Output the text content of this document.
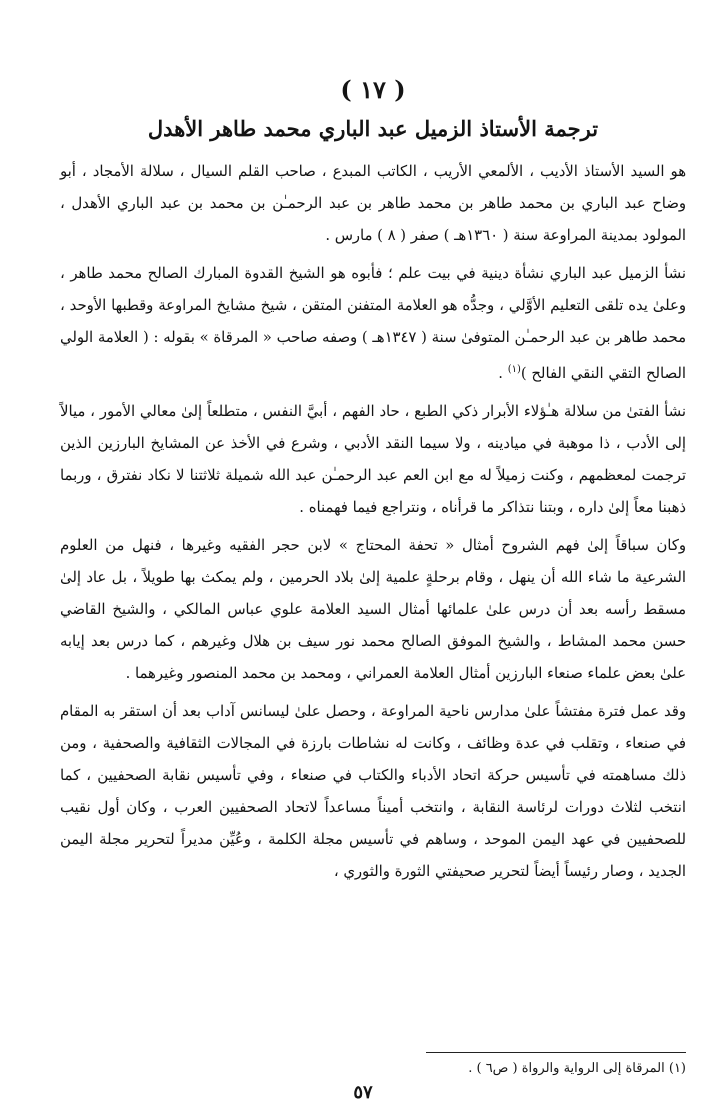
( ١٧ )
ترجمة الأستاذ الزميل عبد الباري محمد طاهر الأهدل

هو السيد الأستاذ الأديب ، الألمعي الأريب ، الكاتب المبدع ، صاحب القلم السيال ، سلالة الأمجاد ، أبو وضاح عبد الباري بن محمد طاهر بن محمد طاهر بن عبد الرحمـٰن بن محمد بن عبد الباري الأهدل ، المولود بمدينة المراوعة سنة ( ١٣٦٠هـ ) صفر ( ٨ ) مارس .

نشأ الزميل عبد الباري نشأة دينية في بيت علم ؛ فأبوه هو الشيخ القدوة المبارك الصالح محمد طاهر ، وعلىٰ يده تلقى التعليم الأوَّلي ، وجدُّه هو العلامة المتفنن المتقن ، شيخ مشايخ المراوعة وقطبها الأوحد ، محمد طاهر بن عبد الرحمـٰن المتوفىٰ سنة ( ١٣٤٧هـ ) وصفه صاحب « المرقاة » بقوله : ( العلامة الولي الصالح التقي النقي الفالح )$^{(١)}$ .

نشأ الفتىٰ من سلالة هـٰؤلاء الأبرار ذكي الطبع ، حاد الفهم ، أبيَّ النفس ، متطلعاً إلىٰ معالي الأمور ، ميالاً إلى الأدب ، ذا موهبة في ميادينه ، ولا سيما النقد الأدبي ، وشرع في الأخذ عن المشايخ البارزين الذين ترجمت لمعظمهم ، وكنت زميلاً له مع ابن العم عبد الرحمـٰن عبد الله شميلة ثلاثتنا لا نكاد نفترق ، وربما ذهبنا معاً إلىٰ داره ، وبتنا نتذاكر ما قرأناه ، ونتراجع فيما فهمناه .

وكان سباقاً إلىٰ فهم الشروح أمثال « تحفة المحتاج » لابن حجر الفقيه وغيرها ، فنهل من العلوم الشرعية ما شاء الله أن ينهل ، وقام برحلةٍ علمية إلىٰ بلاد الحرمين ، ولم يمكث بها طويلاً ، بل عاد إلىٰ مسقط رأسه بعد أن درس علىٰ علمائها أمثال السيد العلامة علوي عباس المالكي ، والشيخ القاضي حسن محمد المشاط ، والشيخ الموفق الصالح محمد نور سيف بن هلال وغيرهم ، كما درس بعد إيابه علىٰ بعض علماء صنعاء البارزين أمثال العلامة العمراني ، ومحمد بن محمد المنصور وغيرهما .

وقد عمل فترة مفتشاً علىٰ مدارس ناحية المراوعة ، وحصل علىٰ ليسانس آداب بعد أن استقر به المقام في صنعاء ، وتقلب في عدة وظائف ، وكانت له نشاطات بارزة في المجالات الثقافية والصحفية ، ومن ذلك مساهمته في تأسيس حركة اتحاد الأدباء والكتاب في صنعاء ، وفي تأسيس نقابة الصحفيين ، كما انتخب لثلاث دورات لرئاسة النقابة ، وانتخب أميناً مساعداً لاتحاد الصحفيين العرب ، وكان أول نقيب للصحفيين في عهد اليمن الموحد ، وساهم في تأسيس مجلة الكلمة ، وعُيِّن مديراً لتحرير مجلة اليمن الجديد ، وصار رئيساً أيضاً لتحرير صحيفتي الثورة والثوري ،

(١) المرقاة إلى الرواية والرواة ( ص٦ ) .
٥٧
